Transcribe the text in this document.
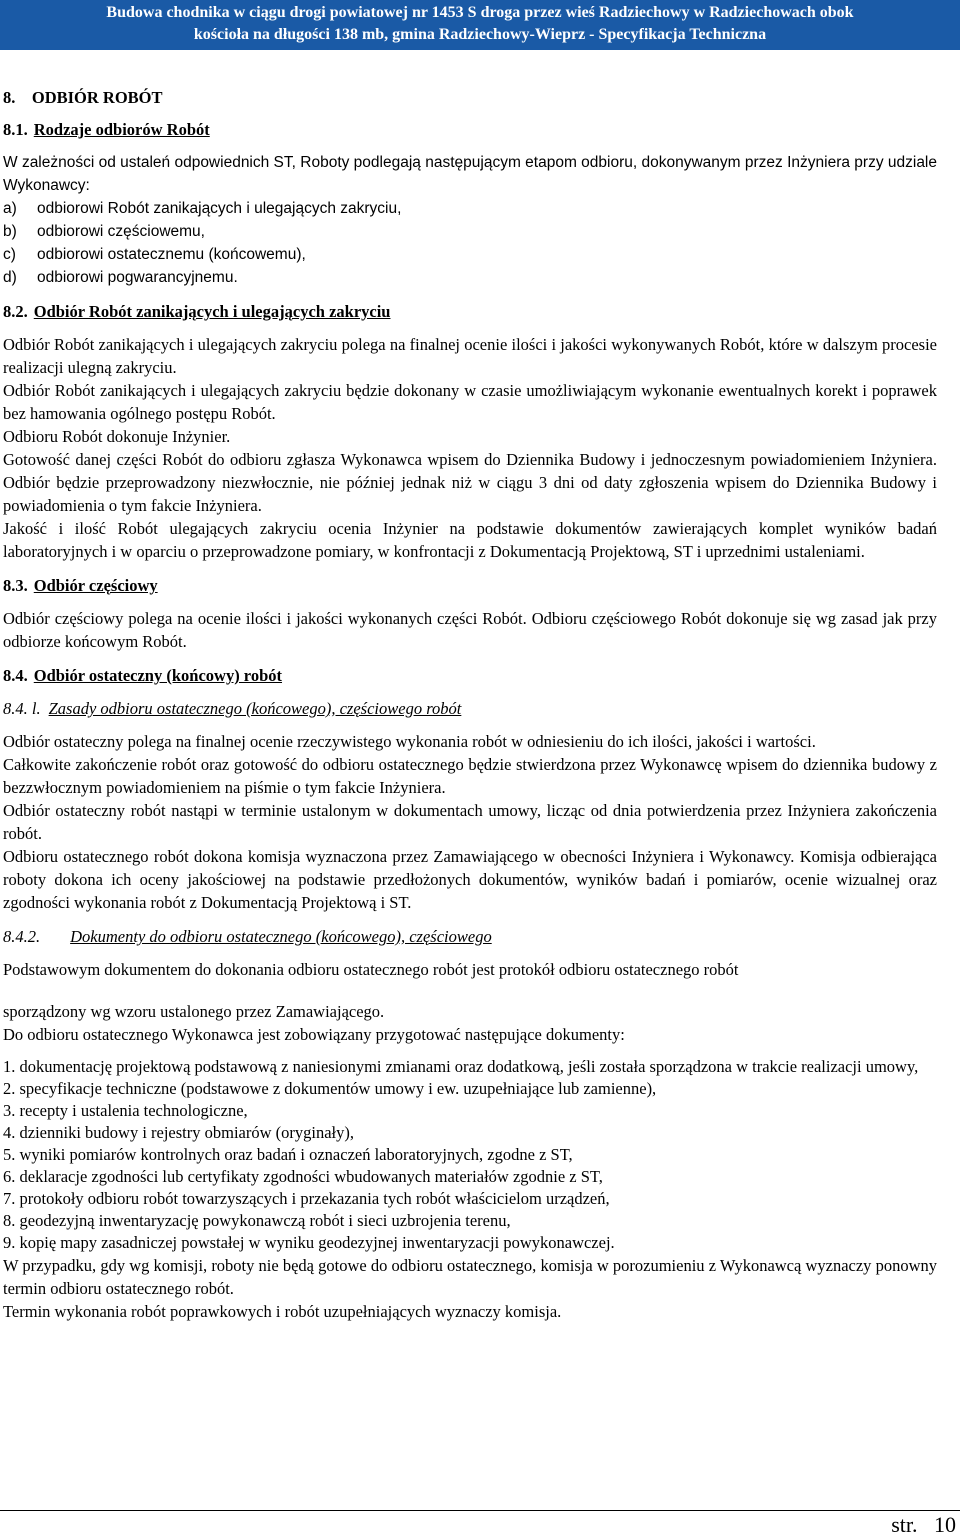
Budowa chodnika w ciągu drogi powiatowej nr 1453 S droga przez wieś Radziechowy w Radziechowach obok
kościoła na długości 138 mb, gmina Radziechowy-Wieprz - Specyfikacja Techniczna

8. ODBIÓR ROBÓT

8.1. Rodzaje odbiorów Robót

W zależności od ustaleń odpowiednich ST, Roboty podlegają następującym etapom odbioru, dokonywanym przez Inżyniera przy udziale Wykonawcy:

a) odbiorowi Robót zanikających i ulegających zakryciu,
b) odbiorowi częściowemu,
c) odbiorowi ostatecznemu (końcowemu),
d) odbiorowi pogwarancyjnemu.

8.2. Odbiór Robót zanikających i ulegających zakryciu

Odbiór Robót zanikających i ulegających zakryciu polega na finalnej ocenie ilości i jakości wykonywanych Robót, które w dalszym procesie realizacji ulegną zakryciu.

Odbiór Robót zanikających i ulegających zakryciu będzie dokonany w czasie umożliwiającym wykonanie ewentualnych korekt i poprawek bez hamowania ogólnego postępu Robót.

Odbioru Robót dokonuje Inżynier.

Gotowość danej części Robót do odbioru zgłasza Wykonawca wpisem do Dziennika Budowy i jednoczesnym powiadomieniem Inżyniera. Odbiór będzie przeprowadzony niezwłocznie, nie później jednak niż w ciągu 3 dni od daty zgłoszenia wpisem do Dziennika Budowy i powiadomienia o tym fakcie Inżyniera.

Jakość i ilość Robót ulegających zakryciu ocenia Inżynier na podstawie dokumentów zawierających komplet wyników badań laboratoryjnych i w oparciu o przeprowadzone pomiary, w konfrontacji z Dokumentacją Projektową, ST i uprzednimi ustaleniami.

8.3. Odbiór częściowy

Odbiór częściowy polega na ocenie ilości i jakości wykonanych części Robót. Odbioru częściowego Robót dokonuje się wg zasad jak przy odbiorze końcowym Robót.

8.4. Odbiór ostateczny (końcowy) robót

8.4. l. Zasady odbioru ostatecznego (końcowego), częściowego robót

Odbiór ostateczny polega na finalnej ocenie rzeczywistego wykonania robót w odniesieniu do ich ilości, jakości i wartości.

Całkowite zakończenie robót oraz gotowość do odbioru ostatecznego będzie stwierdzona przez Wykonawcę wpisem do dziennika budowy z bezzwłocznym powiadomieniem na piśmie o tym fakcie Inżyniera.

Odbiór ostateczny robót nastąpi w terminie ustalonym w dokumentach umowy, licząc od dnia potwierdzenia przez Inżyniera zakończenia robót.

Odbioru ostatecznego robót dokona komisja wyznaczona przez Zamawiającego w obecności Inżyniera i Wykonawcy. Komisja odbierająca roboty dokona ich oceny jakościowej na podstawie przedłożonych dokumentów, wyników badań i pomiarów, ocenie wizualnej oraz zgodności wykonania robót z Dokumentacją Projektową i ST.

8.4.2. Dokumenty do odbioru ostatecznego (końcowego), częściowego

Podstawowym dokumentem do dokonania odbioru ostatecznego robót jest protokół odbioru ostatecznego robót

sporządzony wg wzoru ustalonego przez Zamawiającego.

Do odbioru ostatecznego Wykonawca jest zobowiązany przygotować następujące dokumenty:

1. dokumentację projektową podstawową z naniesionymi zmianami oraz dodatkową, jeśli została sporządzona w trakcie realizacji umowy,
2. specyfikacje techniczne (podstawowe z dokumentów umowy i ew. uzupełniające lub zamienne),
3. recepty i ustalenia technologiczne,
4. dzienniki budowy i rejestry obmiarów (oryginały),
5. wyniki pomiarów kontrolnych oraz badań i oznaczeń laboratoryjnych, zgodne z ST,
6. deklaracje zgodności lub certyfikaty zgodności wbudowanych materiałów zgodnie z ST,
7. protokoły odbioru robót towarzyszących i przekazania tych robót właścicielom urządzeń,
8. geodezyjną inwentaryzację powykonawczą robót i sieci uzbrojenia terenu,
9. kopię mapy zasadniczej powstałej w wyniku geodezyjnej inwentaryzacji powykonawczej.

W przypadku, gdy wg komisji, roboty nie będą gotowe do odbioru ostatecznego, komisja w porozumieniu z Wykonawcą wyznaczy ponowny termin odbioru ostatecznego robót.

Termin wykonania robót poprawkowych i robót uzupełniających wyznaczy komisja.

str. 10
